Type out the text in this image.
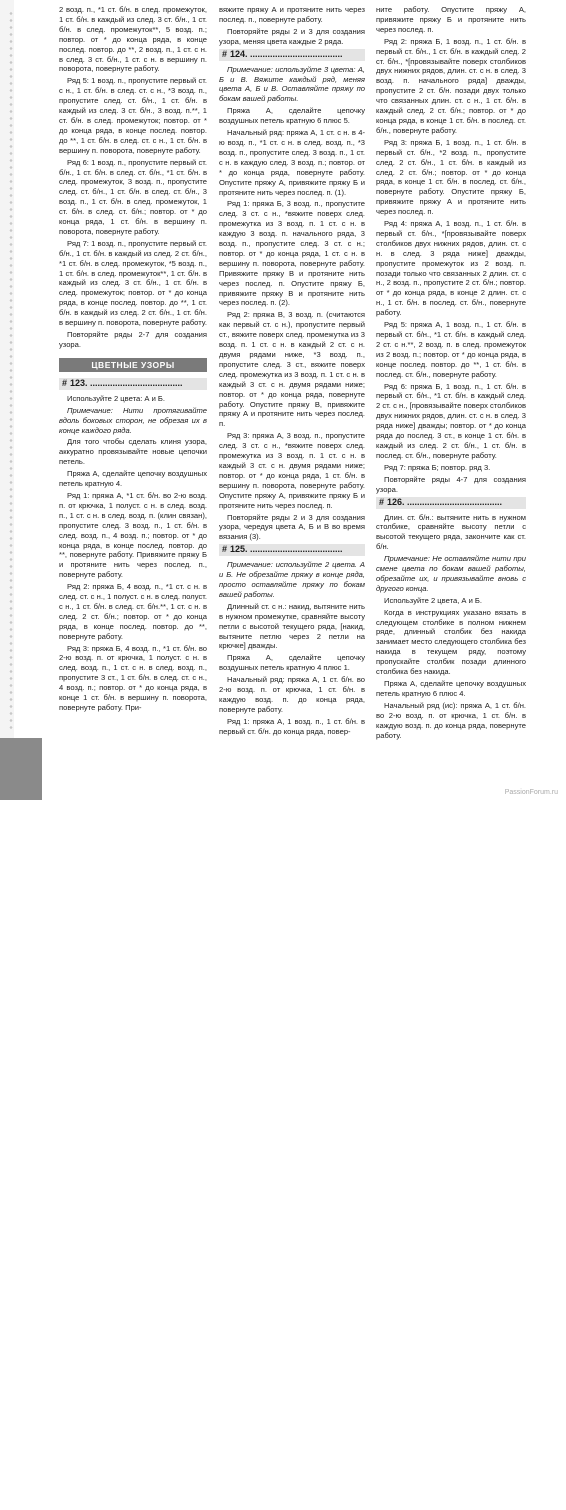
182

2 возд. п., *1 ст. б/н. в след. промежуток, 1 ст. б/н. в каждый из след. 3 ст. б/н., 1 ст. б/н. в след. промежуток**, 5 возд. п.; повтор. от * до конца ряда, в конце послед. повтор. до **, 2 возд. п., 1 ст. с н. в след. 3 ст. б/н., 1 ст. с н. в вершину п. поворота, повернуте работу.

Ряд 5: 1 возд. п., пропустите первый ст. с н., 1 ст. б/н. в след. ст. с н., *3 возд. п., пропустите след. ст. б/н., 1 ст. б/н. в каждый из след. 3 ст. б/н., 3 возд. п.**, 1 ст. б/н. в след. промежуток; повтор. от * до конца ряда, в конце послед. повтор. до **, 1 ст. б/н. в след. ст. с н., 1 ст. б/н. в вершину п. поворота, повернуте работу.

Ряд 6: 1 возд. п., пропустите первый ст. б/н., 1 ст. б/н. в след. ст. б/н., *1 ст. б/н. в след. промежуток, 3 возд. п., пропустите след. ст. б/н., 1 ст. б/н. в след. ст. б/н., 3 возд. п., 1 ст. б/н. в след. промежуток, 1 ст. б/н. в след. ст. б/н.; повтор. от * до конца ряда, 1 ст. б/н. в вершину п. поворота, повернуте работу.

Ряд 7: 1 возд. п., пропустите первый ст. б/н., 1 ст. б/н. в каждый из след. 2 ст. б/н., *1 ст. б/н. в след. промежуток, *5 возд. п., 1 ст. б/н. в след. промежуток**, 1 ст. б/н. в каждый из след. 3 ст. б/н., 1 ст. б/н. в след. промежуток; повтор. от * до конца ряда, в конце послед. повтор. до **, 1 ст. б/н. в каждый из след. 2 ст. б/н., 1 ст. б/н. в вершину п. поворота, повернуте работу.

Повторяйте ряды 2-7 для создания узора.

ЦВЕТНЫЕ УЗОРЫ
# 123. .....................................

Используйте 2 цвета: А и Б.

Примечание: Нити протягивайте вдоль боковых сторон, не обрезая их в конце каждого ряда.

Для того чтобы сделать клиня узора, аккуратно провязывайте новые цепочки петель.

Пряжа А, сделайте цепочку воздушных петель кратную 4.

Ряд 1: пряжа А, *1 ст. б/н. во 2-ю возд. п. от крючка, 1 полуст. с н. в след. возд. п., 1 ст. с н. в след. возд. п. (клин связан), пропустите след. 3 возд. п., 1 ст. б/н. в след. возд. п., 4 возд. п.; повтор. от * до конца ряда, в конце послед. повтор. до **, повернуте работу. Привяжите пряжу Б и протяните нить через послед. п., повернуте работу.

Ряд 2: пряжа Б, 4 возд. п., *1 ст. с н. в след. ст. с н., 1 полуст. с н. в след. полуст. с н., 1 ст. б/н. в след. ст. б/н.**, 1 ст. с н. в след. 2 ст. б/н.; повтор. от * до конца ряда, в конце послед. повтор. до **, повернуте работу.

Ряд 3: пряжа Б, 4 возд. п., *1 ст. б/н. во 2-ю возд. п. от крючка, 1 полуст. с н. в след. возд. п., 1 ст. с н. в след. возд. п., пропустите 3 ст., 1 ст. б/н. в след. ст. с н., 4 возд. п.; повтор. от * до конца ряда, в конце 1 ст. б/н. в вершину п. поворота, повернуте работу. При-

вяжите пряжу А и протяните нить через послед. п., повернуте работу.

Повторяйте ряды 2 и 3 для создания узора, меняя цвета каждые 2 ряда.

# 124. .....................................

Примечание: используйте 3 цвета: А, Б и В. Вяжите каждый ряд, меняя цвета А, Б и В. Оставляйте пряжу по бокам вашей работы.

Пряжа А, сделайте цепочку воздушных петель кратную 6 плюс 5.

Начальный ряд: пряжа А, 1 ст. с н. в 4-ю возд. п., *1 ст. с н. в след. возд. п., *3 возд. п., пропустите след. 3 возд. п., 1 ст. с н. в каждую след. 3 возд. п.; повтор. от * до конца ряда, повернуте работу. Опустите пряжу А, привяжите пряжу Б и протяните нить через послед. п. (1).

Ряд 1: пряжа Б, 3 возд. п., пропустите след. 3 ст. с н., *вяжите поверх след. промежутка из 3 возд. п. 1 ст. с н. в каждую 3 возд. п. начального ряда, 3 возд. п., пропустите след. 3 ст. с н.; повтор. от * до конца ряда, 1 ст. с н. в вершину п. поворота, повернуте работу. Привяжите пряжу В и протяните нить через послед. п. Опустите пряжу Б, привяжите пряжу В и протяните нить через послед. п. (2).

Ряд 2: пряжа В, 3 возд. п. (считаются как первый ст. с н.), пропустите первый ст., вяжите поверх след. промежутка из 3 возд. п. 1 ст. с н. в каждый 2 ст. с н. двумя рядами ниже, *3 возд. п., пропустите след. 3 ст., вяжите поверх след. промежутка из 3 возд. п. 1 ст. с н. в каждый 3 ст. с н. двумя рядами ниже; повтор. от * до конца ряда, повернуте работу. Опустите пряжу В, привяжите пряжу А и протяните нить через послед. п.

Ряд 3: пряжа А, 3 возд. п., пропустите след. 3 ст. с н., *вяжите поверх след. промежутка из 3 возд. п. 1 ст. с н. в каждый 3 ст. с н. двумя рядами ниже; повтор. от * до конца ряда, 1 ст. б/н. в вершину п. поворота, повернуте работу. Опустите пряжу А, привяжите пряжу Б и протяните нить через послед. п.

Повторяйте ряды 2 и 3 для создания узора, чередуя цвета А, Б и В во время вязания (3).

# 125. .....................................

Примечание: используйте 2 цвета. А и Б. Не обрезайте пряжу в конце ряда, просто оставляйте пряжу по бокам вашей работы.

Длинный ст. с н.: накид, вытяните нить в нужном промежутке, сравняйте высоту петли с высотой текущего ряда, [накид, вытяните петлю через 2 петли на крючке] дважды.

Пряжа А, сделайте цепочку воздушных петель кратную 4 плюс 1.

Начальный ряд: пряжа А, 1 ст. б/н. во 2-ю возд. п. от крючка, 1 ст. б/н. в каждую возд. п. до конца ряда, повернуте работу.

Ряд 1: пряжа А, 1 возд. п., 1 ст. б/н. в первый ст. б/н. до конца ряда, повер-

ните работу. Опустите пряжу А, привяжите пряжу Б и протяните нить через послед. п.

Ряд 2: пряжа Б, 1 возд. п., 1 ст. б/н. в первый ст. б/н., 1 ст. б/н. в каждый след. 2 ст. б/н., *[провязывайте поверх столбиков двух нижних рядов, длин. ст. с н. в след. 3 возд. п. начального ряда] дважды, пропустите 2 ст. б/н. позади двух только что связанных длин. ст. с н., 1 ст. б/н. в каждый след. 2 ст. б/н.; повтор. от * до конца ряда, в конце 1 ст. б/н. в послед. ст. б/н., повернуте работу.

Ряд 3: пряжа Б, 1 возд. п., 1 ст. б/н. в первый ст. б/н., *2 возд. п., пропустите след. 2 ст. б/н., 1 ст. б/н. в каждый из след. 2 ст. б/н.; повтор. от * до конца ряда, в конце 1 ст. б/н. в послед. ст. б/н., повернуте работу. Опустите пряжу Б, привяжите пряжу А и протяните нить через послед. п.

Ряд 4: пряжа А, 1 возд. п., 1 ст. б/н. в первый ст. б/н., *[провязывайте поверх столбиков двух нижних рядов, длин. ст. с н. в след. 3 ряда ниже] дважды, пропустите промежуток из 2 возд. п. позади только что связанных 2 длин. ст. с н., 2 возд. п., пропустите 2 ст. б/н.; повтор. от * до конца ряда, в конце 2 длин. ст. с н., 1 ст. б/н. в послед. ст. б/н., повернуте работу.

Ряд 5: пряжа А, 1 возд. п., 1 ст. б/н. в первый ст. б/н., *1 ст. б/н. в каждый след. 2 ст. с н.**, 2 возд. п. в след. промежуток из 2 возд. п.; повтор. от * до конца ряда, в конце послед. повтор. до **, 1 ст. б/н. в послед. ст. б/н., повернуте работу.

Ряд 6: пряжа Б, 1 возд. п., 1 ст. б/н. в первый ст. б/н., *1 ст. б/н. в каждый след. 2 ст. с н., [провязывайте поверх столбиков двух нижних рядов, длин. ст. с н. в след. 3 ряда ниже] дважды; повтор. от * до конца ряда до послед. 3 ст., в конце 1 ст. б/н. в каждый из след. 2 ст. б/н., 1 ст. б/н. в послед. ст. б/н., повернуте работу.

Ряд 7: пряжа Б; повтор. ряд 3.

Повторяйте ряды 4-7 для создания узора.

# 126. ......................................

Длин. ст. б/н.: вытяните нить в нужном столбике, сравняйте высоту петли с высотой текущего ряда, закончите как ст. б/н.

Примечание: Не оставляйте нити при смене цвета по бокам вашей работы, обрезайте их, и привязывайте вновь с другого конца.

Используйте 2 цвета, А и Б.

Когда в инструкциях указано вязать в следующем столбике в полном нижнем ряде, длинный столбик без накида занимает место следующего столбика без накида в текущем ряду, поэтому пропускайте столбик позади длинного столбика без накида.

Пряжа А, сделайте цепочку воздушных петель кратную 6 плюс 4.

Начальный ряд (ис): пряжа А, 1 ст. б/н. во 2-ю возд. п. от крючка, 1 ст. б/н. в каждую возд. п. до конца ряда, повернуте работу.

PassionForum.ru
